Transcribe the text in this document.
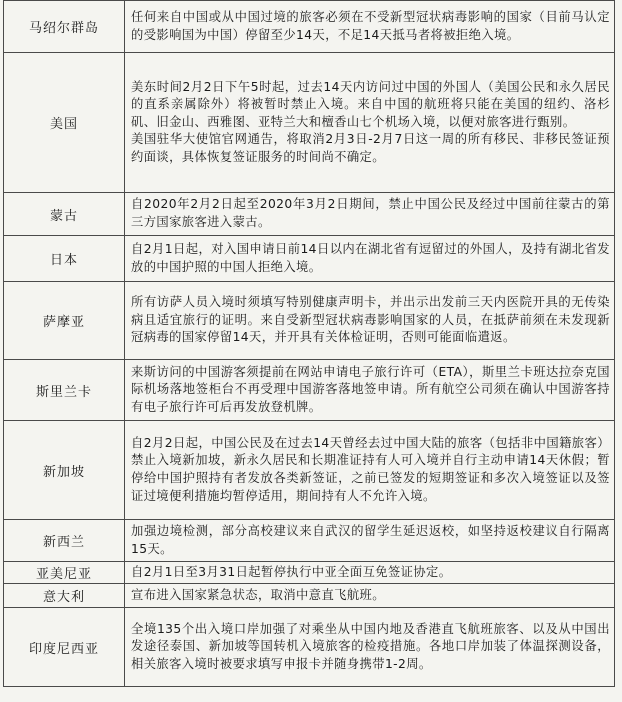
马绍尔群岛	任何来自中国或从中国过境的旅客必须在不受新型冠状病毒影响的国家（目前马认定的受影响国为中国）停留至少14天，不足14天抵马者将被拒绝入境。

美国	美东时间2月2日下午5时起，过去14天内访问过中国的外国人（美国公民和永久居民的直系亲属除外）将被暂时禁止入境。来自中国的航班将只能在美国的纽约、洛杉矶、旧金山、西雅图、亚特兰大和檀香山七个机场入境，以便对旅客进行甄别。
美国驻华大使馆官网通告，将取消2月3日-2月7日这一周的所有移民、非移民签证预约面谈，具体恢复签证服务的时间尚不确定。

蒙古	自2020年2月2日起至2020年3月2日期间，禁止中国公民及经过中国前往蒙古的第三方国家旅客进入蒙古。

日本	自2月1日起，对入国申请日前14日以内在湖北省有逗留过的外国人，及持有湖北省发放的中国护照的中国人拒绝入境。

萨摩亚	所有访萨人员入境时须填写特别健康声明卡，并出示出发前三天内医院开具的无传染病且适宜旅行的证明。来自受新型冠状病毒影响国家的人员，在抵萨前须在未发现新冠病毒的国家停留14天，并开具有关体检证明，否则可能面临遣返。

斯里兰卡	来斯访问的中国游客须提前在网站申请电子旅行许可（ETA），斯里兰卡班达拉奈克国际机场落地签柜台不再受理中国游客落地签申请。所有航空公司须在确认中国游客持有电子旅行许可后再发放登机牌。

新加坡	自2月2日起，中国公民及在过去14天曾经去过中国大陆的旅客（包括非中国籍旅客）禁止入境新加坡，新永久居民和长期准证持有人可入境并自行主动申请14天休假；暂停给中国护照持有者发放各类新签证，之前已签发的短期签证和多次入境签证以及签证过境便利措施均暂停适用，期间持有人不允许入境。

新西兰	加强边境检测，部分高校建议来自武汉的留学生延迟返校，如坚持返校建议自行隔离15天。

亚美尼亚	自2月1日至3月31日起暂停执行中亚全面互免签证协定。

意大利	宣布进入国家紧急状态，取消中意直飞航班。

印度尼西亚	全境135个出入境口岸加强了对乘坐从中国内地及香港直飞航班旅客、以及从中国出发途径泰国、新加坡等国转机入境旅客的检疫措施。各地口岸加装了体温探测设备，相关旅客入境时被要求填写申报卡并随身携带1-2周。
